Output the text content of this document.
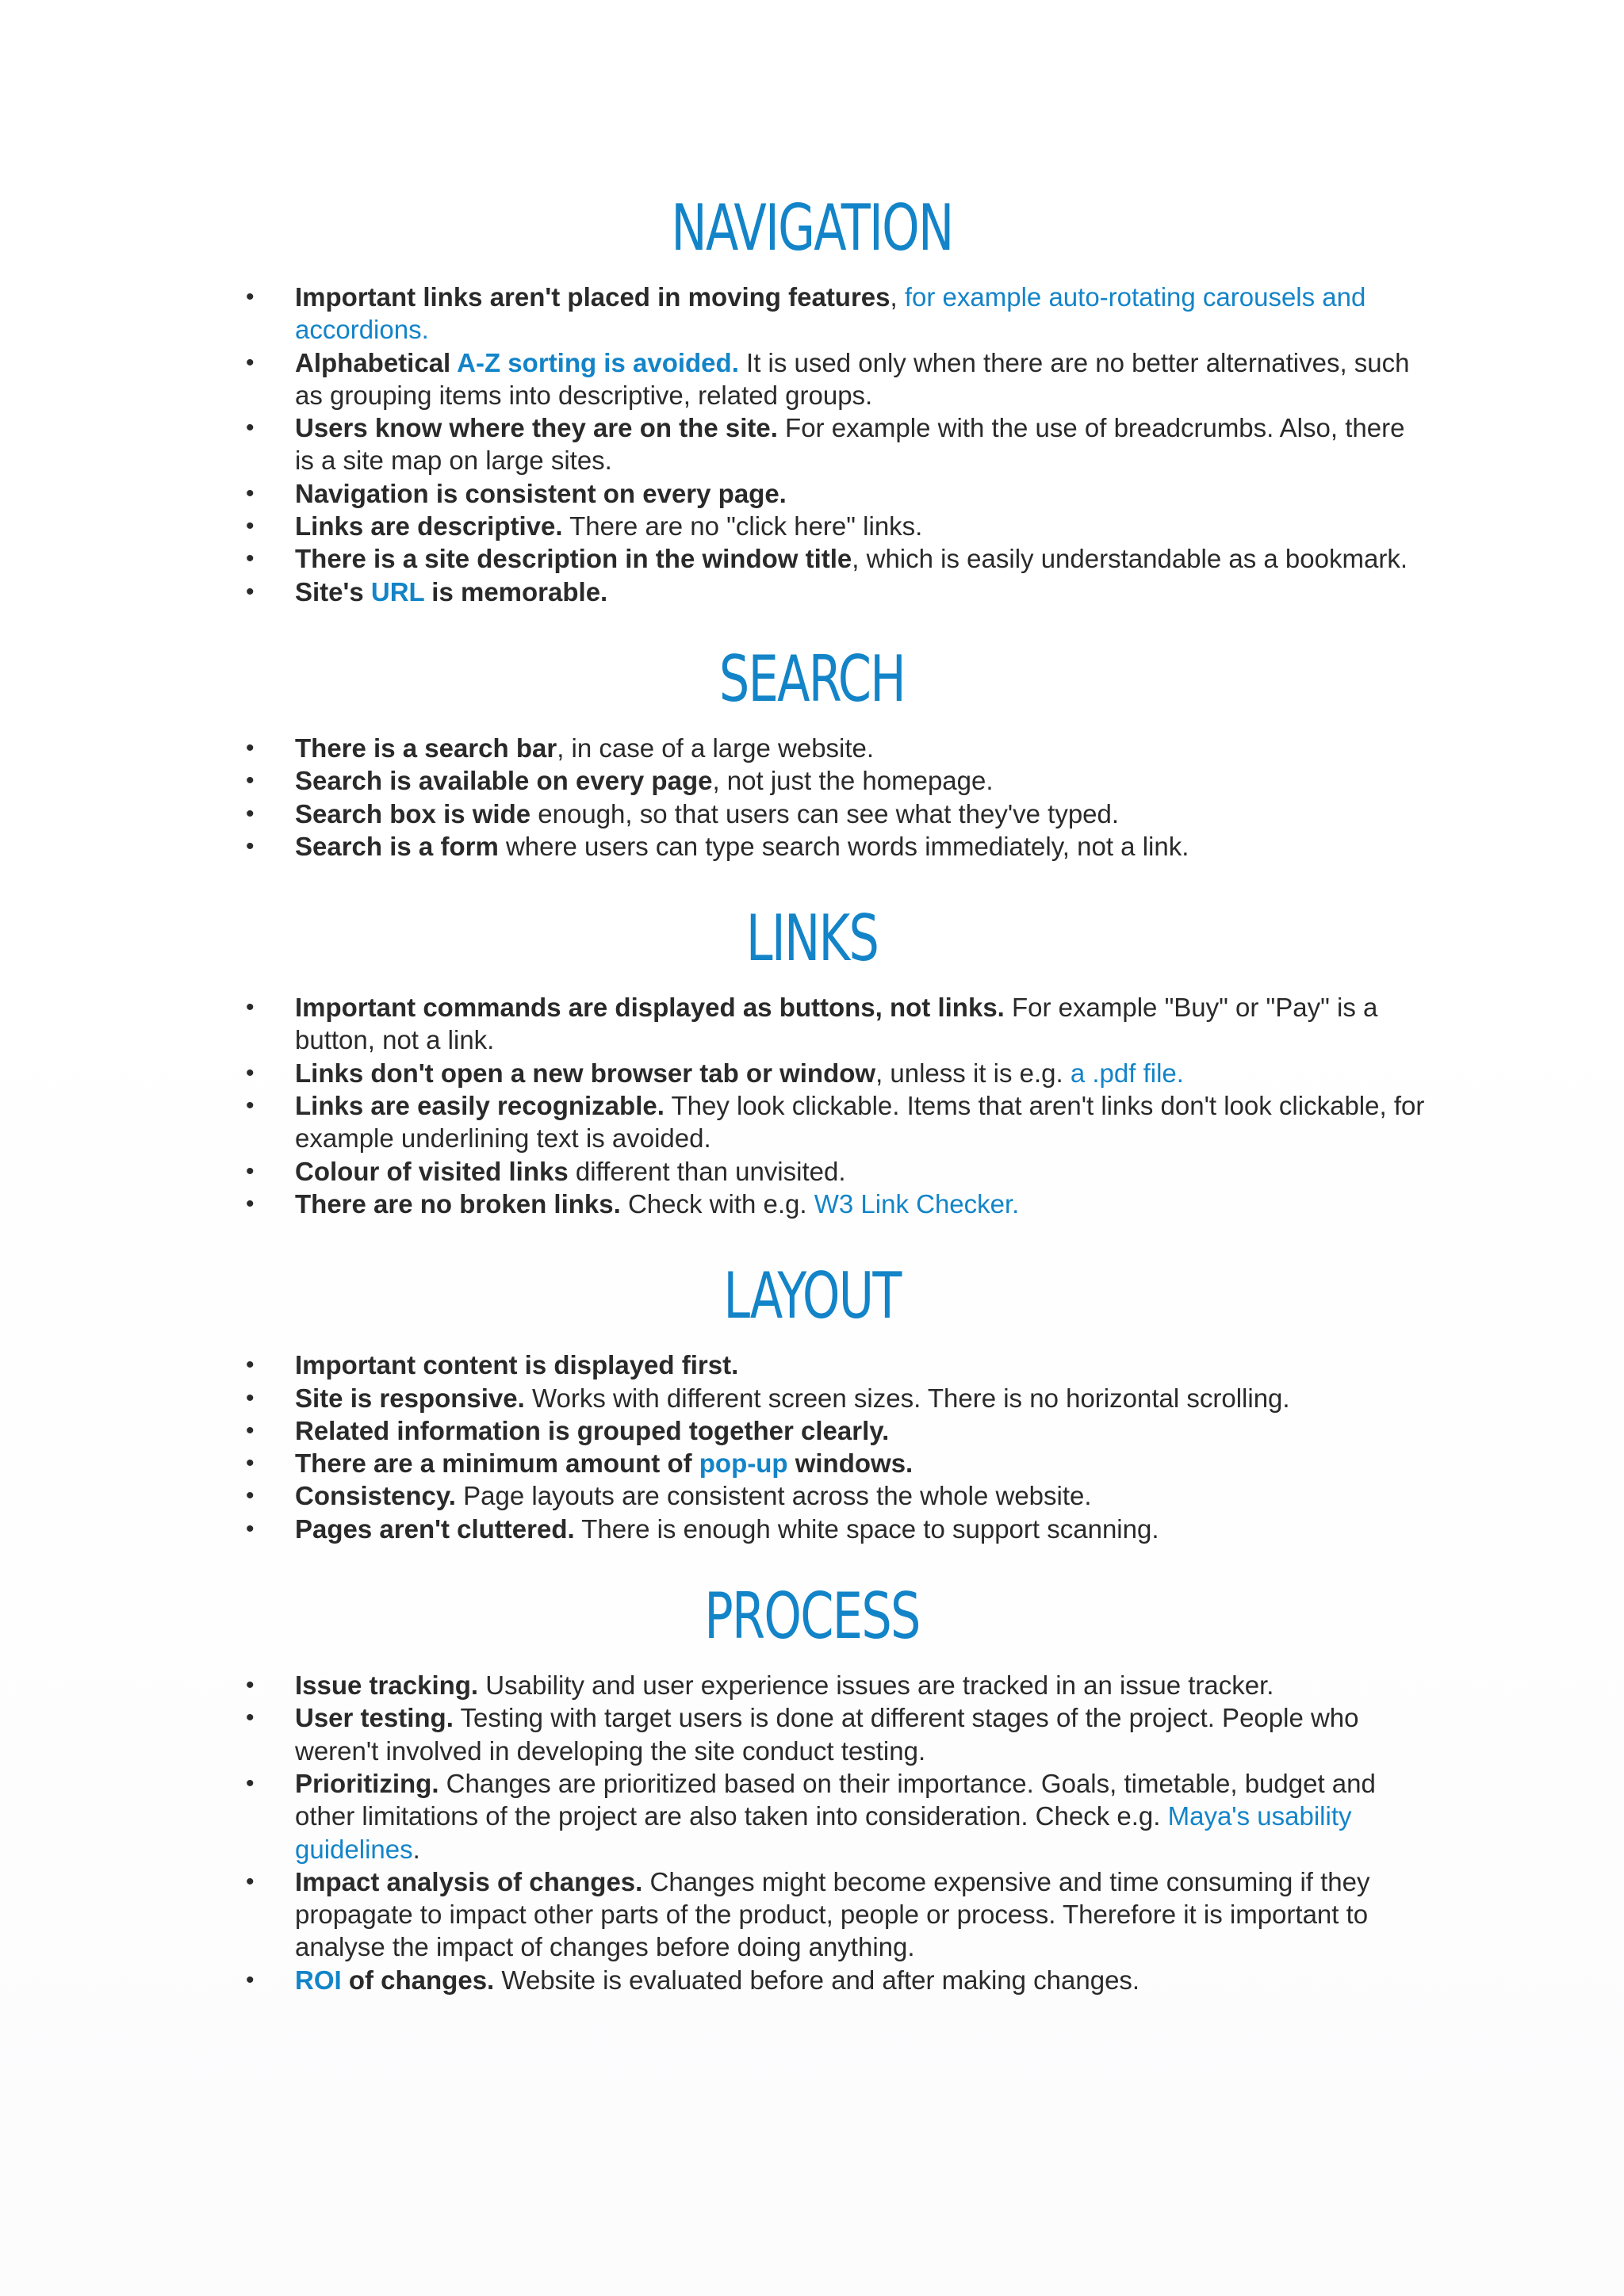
NAVIGATION
• Important links aren't placed in moving features, for example auto-rotating carousels and accordions.
• Alphabetical A-Z sorting is avoided. It is used only when there are no better alternatives, such as grouping items into descriptive, related groups.
• Users know where they are on the site. For example with the use of breadcrumbs. Also, there is a site map on large sites.
• Navigation is consistent on every page.
• Links are descriptive. There are no "click here" links.
• There is a site description in the window title, which is easily understandable as a bookmark.
• Site's URL is memorable.
SEARCH
• There is a search bar, in case of a large website.
• Search is available on every page, not just the homepage.
• Search box is wide enough, so that users can see what they've typed.
• Search is a form where users can type search words immediately, not a link.
LINKS
• Important commands are displayed as buttons, not links. For example "Buy" or "Pay" is a button, not a link.
• Links don't open a new browser tab or window, unless it is e.g. a .pdf file.
• Links are easily recognizable. They look clickable. Items that aren't links don't look clickable, for example underlining text is avoided.
• Colour of visited links different than unvisited.
• There are no broken links. Check with e.g. W3 Link Checker.
LAYOUT
• Important content is displayed first.
• Site is responsive. Works with different screen sizes. There is no horizontal scrolling.
• Related information is grouped together clearly.
• There are a minimum amount of pop-up windows.
• Consistency. Page layouts are consistent across the whole website.
• Pages aren't cluttered. There is enough white space to support scanning.
PROCESS
• Issue tracking. Usability and user experience issues are tracked in an issue tracker.
• User testing. Testing with target users is done at different stages of the project. People who weren't involved in developing the site conduct testing.
• Prioritizing. Changes are prioritized based on their importance. Goals, timetable, budget and other limitations of the project are also taken into consideration. Check e.g. Maya's usability guidelines.
• Impact analysis of changes. Changes might become expensive and time consuming if they propagate to impact other parts of the product, people or process. Therefore it is important to analyse the impact of changes before doing anything.
• ROI of changes. Website is evaluated before and after making changes.
